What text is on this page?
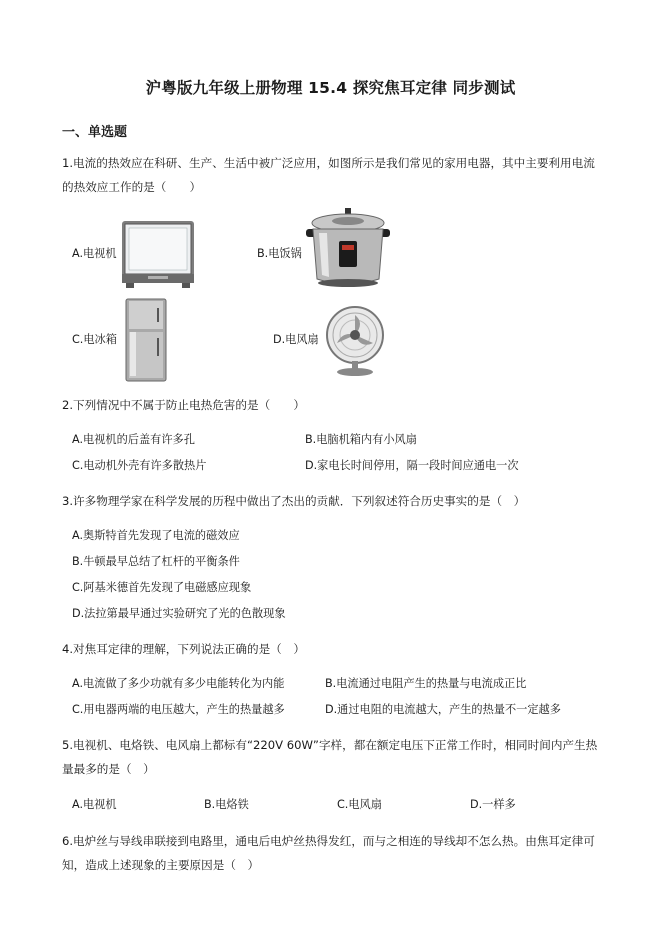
沪粤版九年级上册物理 15.4 探究焦耳定律 同步测试
一、单选题
1.电流的热效应在科研、生产、生活中被广泛应用，如图所示是我们常见的家用电器，其中主要利用电流的热效应工作的是（　　）
A.电视机	B.电饭锅
C.电冰箱	D.电风扇
2.下列情况中不属于防止电热危害的是（　　）
A.电视机的后盖有许多孔	B.电脑机箱内有小风扇
C.电动机外壳有许多散热片	D.家电长时间停用，隔一段时间应通电一次
3.许多物理学家在科学发展的历程中做出了杰出的贡献．下列叙述符合历史事实的是（　）
A.奥斯特首先发现了电流的磁效应
B.牛顿最早总结了杠杆的平衡条件
C.阿基米德首先发现了电磁感应现象
D.法拉第最早通过实验研究了光的色散现象
4.对焦耳定律的理解，下列说法正确的是（　）
A.电流做了多少功就有多少电能转化为内能	B.电流通过电阻产生的热量与电流成正比
C.用电器两端的电压越大，产生的热量越多	D.通过电阻的电流越大，产生的热量不一定越多
5.电视机、电烙铁、电风扇上都标有“220V 60W”字样，都在额定电压下正常工作时，相同时间内产生热量最多的是（　）
A.电视机	B.电烙铁	C.电风扇	D.一样多
6.电炉丝与导线串联接到电路里，通电后电炉丝热得发红，而与之相连的导线却不怎么热。由焦耳定律可知，造成上述现象的主要原因是（　）
